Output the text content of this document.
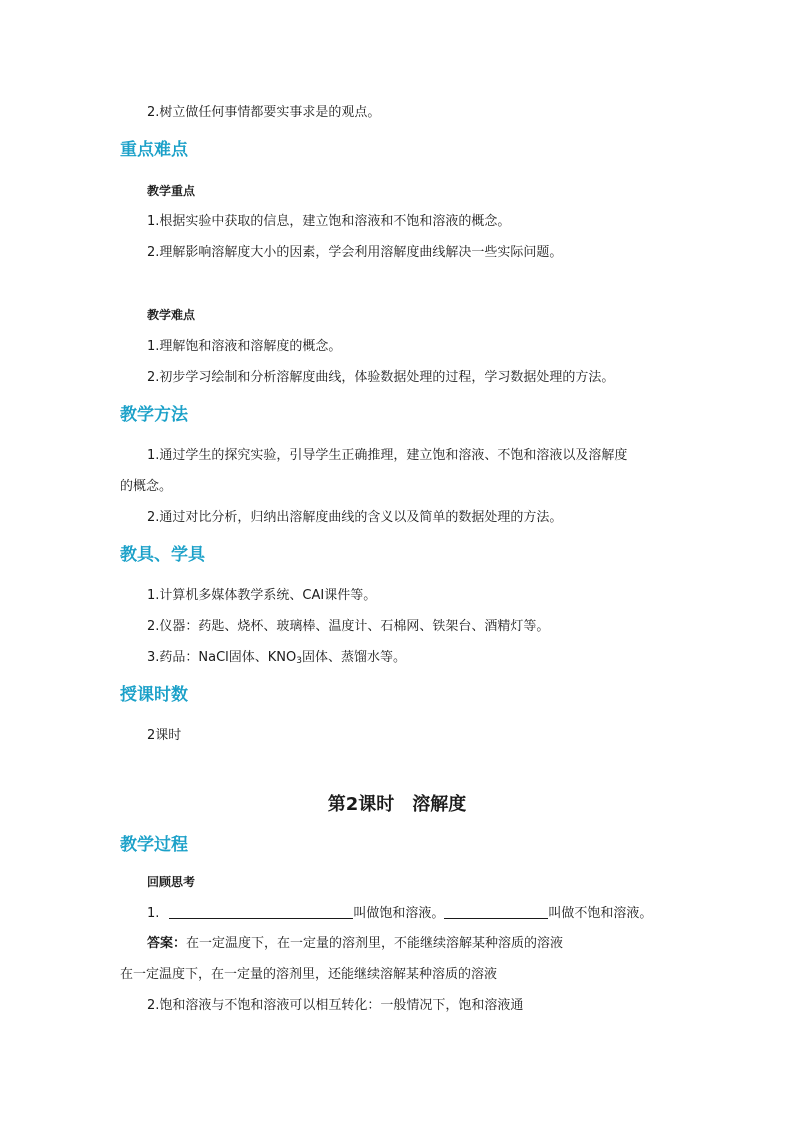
2.树立做任何事情都要实事求是的观点。
重点难点
教学重点
1.根据实验中获取的信息，建立饱和溶液和不饱和溶液的概念。
2.理解影响溶解度大小的因素，学会利用溶解度曲线解决一些实际问题。
教学难点
1.理解饱和溶液和溶解度的概念。
2.初步学习绘制和分析溶解度曲线，体验数据处理的过程，学习数据处理的方法。
教学方法
1.通过学生的探究实验，引导学生正确推理，建立饱和溶液、不饱和溶液以及溶解度
的概念。
2.通过对比分析，归纳出溶解度曲线的含义以及简单的数据处理的方法。
教具、学具
1.计算机多媒体教学系统、CAI课件等。
2.仪器：药匙、烧杯、玻璃棒、温度计、石棉网、铁架台、酒精灯等。
3.药品：NaCl固体、$KNO_3$固体、蒸馏水等。
授课时数
2课时
第2课时 溶解度
教学过程
回顾思考
1.	叫做饱和溶液。	叫做不饱和溶液。
答案：在一定温度下，在一定量的溶剂里，不能继续溶解某种溶质的溶液
在一定温度下，在一定量的溶剂里，还能继续溶解某种溶质的溶液
2.饱和溶液与不饱和溶液可以相互转化：一般情况下，饱和溶液通
